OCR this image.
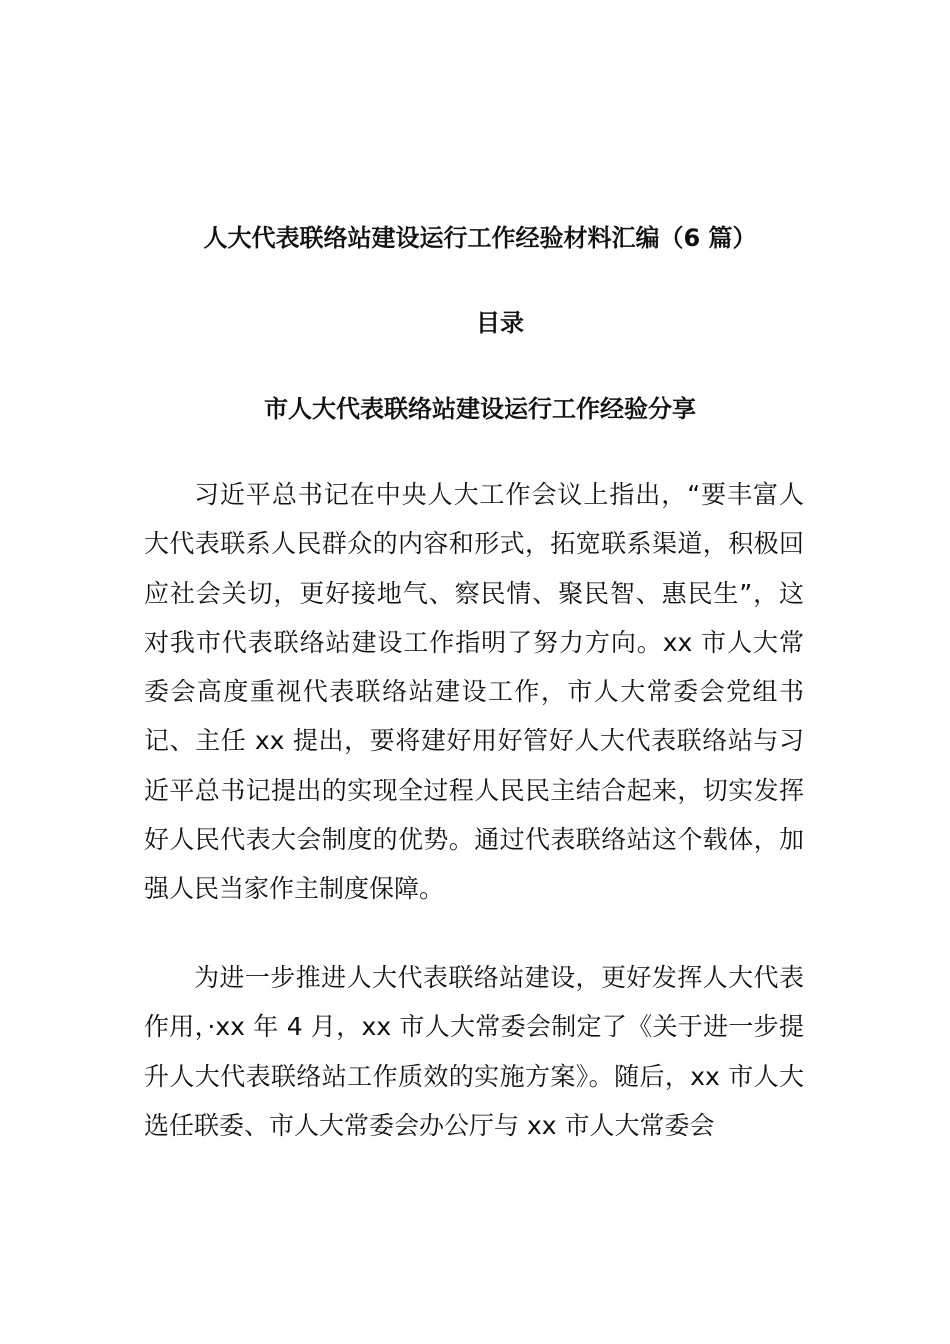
人大代表联络站建设运行工作经验材料汇编（6 篇）
目录
市人大代表联络站建设运行工作经验分享

习近平总书记在中央人大工作会议上指出，“要丰富人大代表联系人民群众的内容和形式，拓宽联系渠道，积极回应社会关切，更好接地气、察民情、聚民智、惠民生”，这对我市代表联络站建设工作指明了努力方向。xx 市人大常委会高度重视代表联络站建设工作，市人大常委会党组书记、主任 xx 提出，要将建好用好管好人大代表联络站与习近平总书记提出的实现全过程人民民主结合起来，切实发挥好人民代表大会制度的优势。通过代表联络站这个载体，加强人民当家作主制度保障。

为进一步推进人大代表联络站建设，更好发挥人大代表作用，·xx 年 4 月，xx 市人大常委会制定了《关于进一步提升人大代表联络站工作质效的实施方案》。随后，xx 市人大选任联委、市人大常委会办公厅与 xx 市人大常委会
